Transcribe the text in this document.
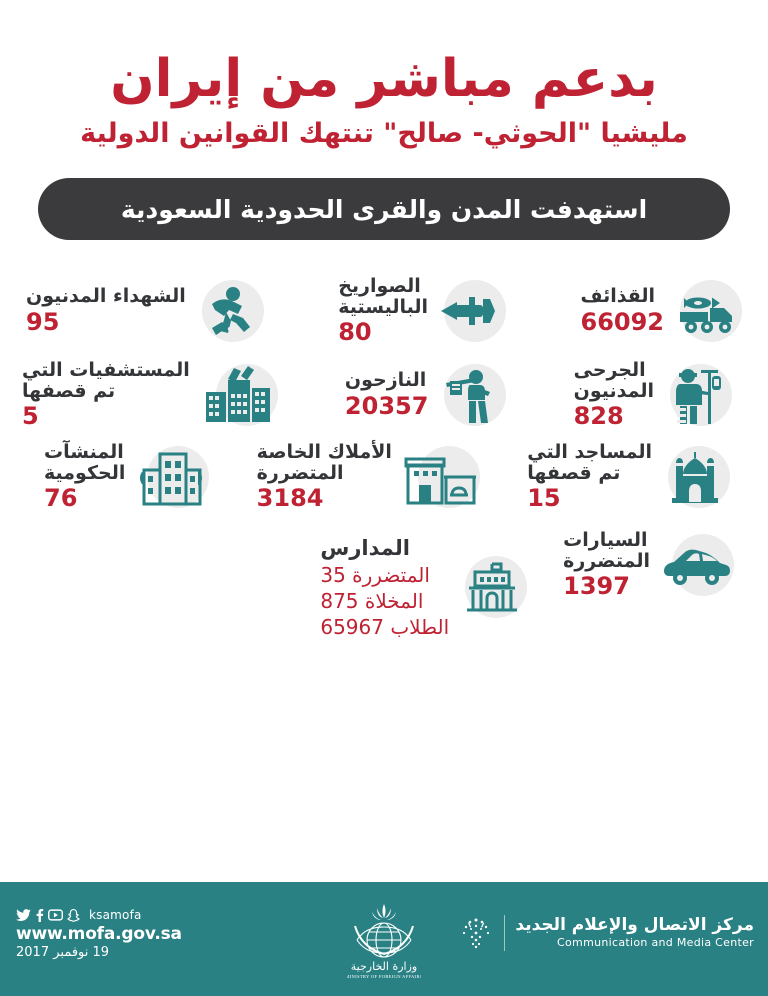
بدعم مباشر من إيران
مليشيا "الحوثي- صالح" تنتهك القوانين الدولية
استهدفت المدن والقرى الحدودية السعودية
القذائف
66092
الصواريخ
الباليستية
80
الشهداء المدنيون
95
الجرحى
المدنيون
828
النازحون
20357
المستشفيات التي
تم قصفها
5
المساجد التي
تم قصفها
15
الأملاك الخاصة
المتضررة
3184
المنشآت
الحكومية
76
السيارات
المتضررة
1397
المدارس
المتضررة 35
المخلاة 875
الطلاب 65967
ksamofa
www.mofa.gov.sa
19 نوفمبر 2017
وزارة الخارجية
MINISTRY OF FOREIGN AFFAIRS
مركز الاتصال والإعلام الجديد
Communication and Media Center
